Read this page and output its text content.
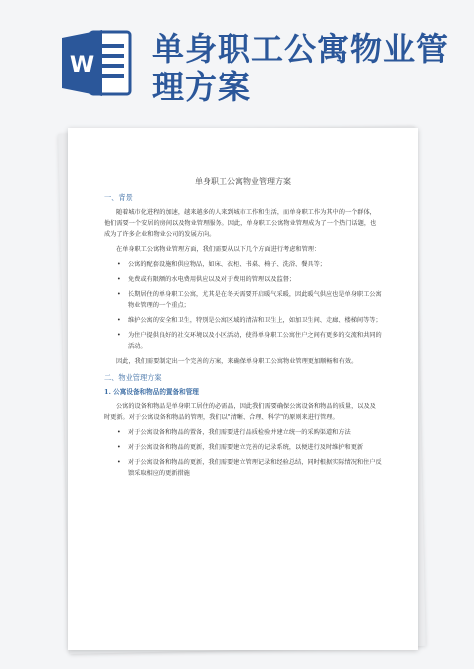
W 单身职工公寓物业管理方案
单身职工公寓物业管理方案
一、背景
随着城市化进程的加速，越来越多的人来到城市工作和生活，而单身职工作为其中的一个群体，他们需要一个安居的房间以及物业管理服务。因此，单身职工公寓物业管理成为了一个热门话题，也成为了许多企业和物业公司的发展方向。
在单身职工公寓物业管理方面，我们需要从以下几个方面进行考虑和管理：
• 公寓的配套设施和供应物品，如床、衣柜、书桌、椅子、洗浴、餐具等；
• 免费或有限额的水电费用供应以及对于费用的管理以及监督；
• 长期居住的单身职工公寓，尤其是在冬天需要开启暖气采暖，因此暖气供应也是单身职工公寓物业管理的一个重点；
• 维护公寓的安全和卫生，特别是公寓区域的清洁和卫生上，如加卫生间、走廊、楼梯间等等；
• 为住户提供良好的社交环境以及小区活动，使得单身职工公寓住户之间有更多的交流和共同的活动。
因此，我们需要制定出一个完善的方案，来确保单身职工公寓物业管理更加顺畅和有效。
二、物业管理方案
1. 公寓设备和物品的置备和管理
公寓的设备和物品是单身职工居住的必需品，因此我们需要确保公寓设备和物品的质量，以及及时更新。对于公寓设备和物品的管理，我们以"清晰、合理、科学"的原则来进行管理。
• 对于公寓设备和物品的置备，我们需要进行品质检验并建立统一的采购渠道和方法
• 对于公寓设备和物品的更新，我们需要建立完善的记录系统，以便进行及时维护和更新
• 对于公寓设备和物品的更新，我们需要建立管理记录和经验总结，同时根据实际情况和住户反馈采取相应的更新措施
